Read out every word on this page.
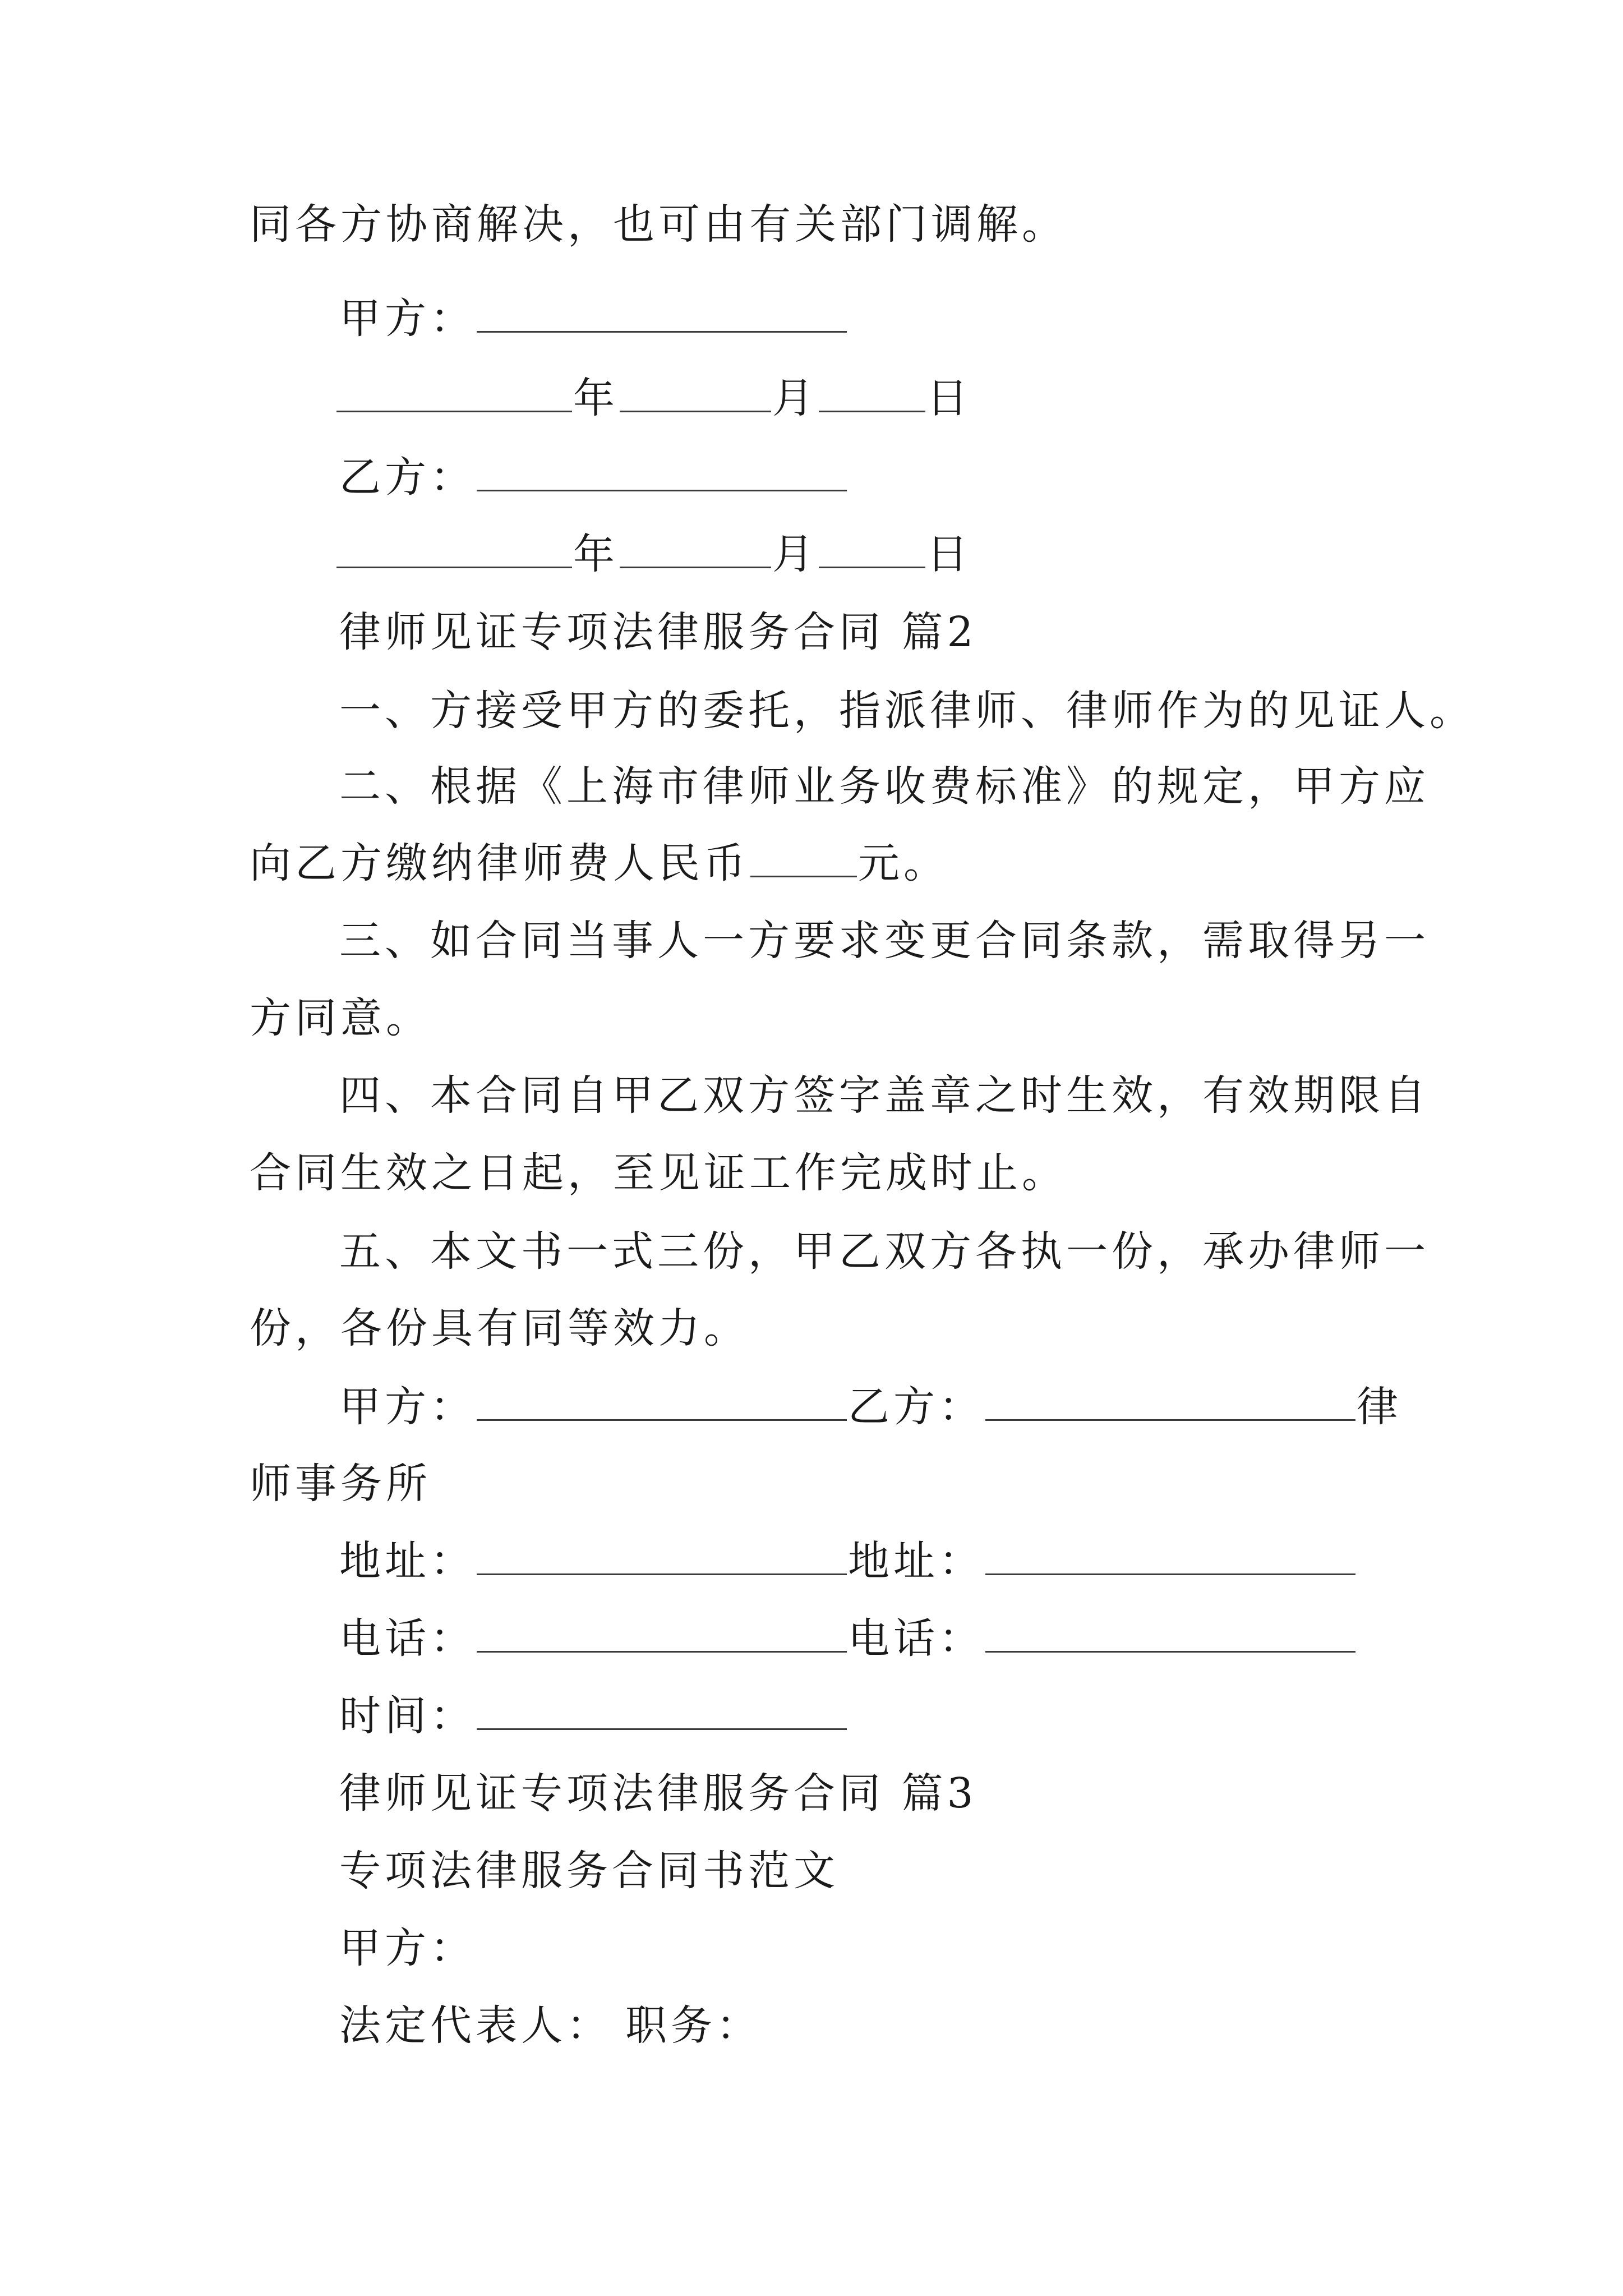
同各方协商解决，也可由有关部门调解。
甲方：
年	月	日
乙方：
年	月	日
律师见证专项法律服务合同 篇2
一、方接受甲方的委托，指派律师、律师作为的见证人。
二、根据《上海市律师业务收费标准》的规定，甲方应
向乙方缴纳律师费人民币	元。
三、如合同当事人一方要求变更合同条款，需取得另一
方同意。
四、本合同自甲乙双方签字盖章之时生效，有效期限自
合同生效之日起，至见证工作完成时止。
五、本文书一式三份，甲乙双方各执一份，承办律师一
份，各份具有同等效力。
甲方：	乙方：	律
师事务所
地址：	地址：
电话：	电话：
时间：
律师见证专项法律服务合同 篇3
专项法律服务合同书范文
甲方：
法定代表人： 职务：
